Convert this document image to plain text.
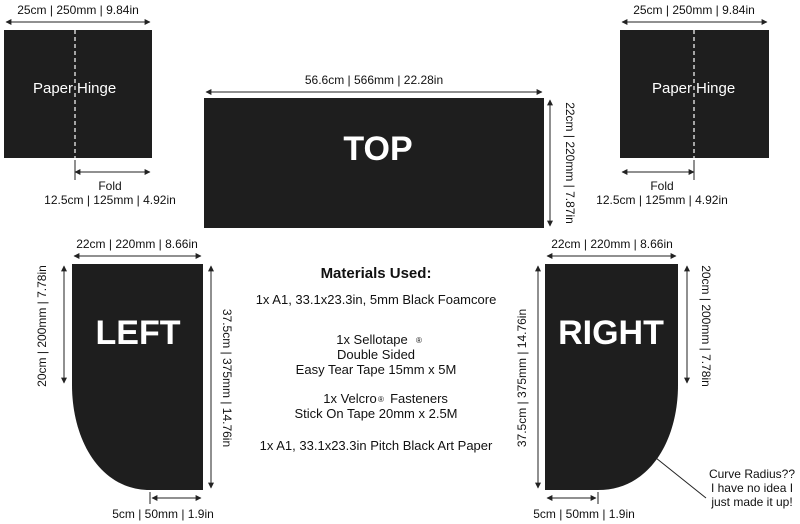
25cm | 250mm | 9.84in
Paper Hinge
Fold
12.5cm | 125mm | 4.92in
56.6cm | 566mm | 22.28in
TOP	22cm | 220mm | 7.87in
25cm | 250mm | 9.84in
Paper Hinge
Fold
12.5cm | 125mm | 4.92in
22cm | 220mm | 8.66in
LEFT
20cm | 200mm | 7.78in	37.5cm | 375mm | 14.76in
5cm | 50mm | 1.9in
Materials Used:
1x A1, 33.1x23.3in, 5mm Black Foamcore
1x Sellotape ®
Double Sided
Easy Tear Tape 15mm x 5M
1x Velcro ® Fasteners
Stick On Tape 20mm x 2.5M
1x A1, 33.1x23.3in Pitch Black Art Paper
22cm | 220mm | 8.66in
RIGHT
37.5cm | 375mm | 14.76in	20cm | 200mm | 7.78in
5cm | 50mm | 1.9in
Curve Radius??
I have no idea I
just made it up!
